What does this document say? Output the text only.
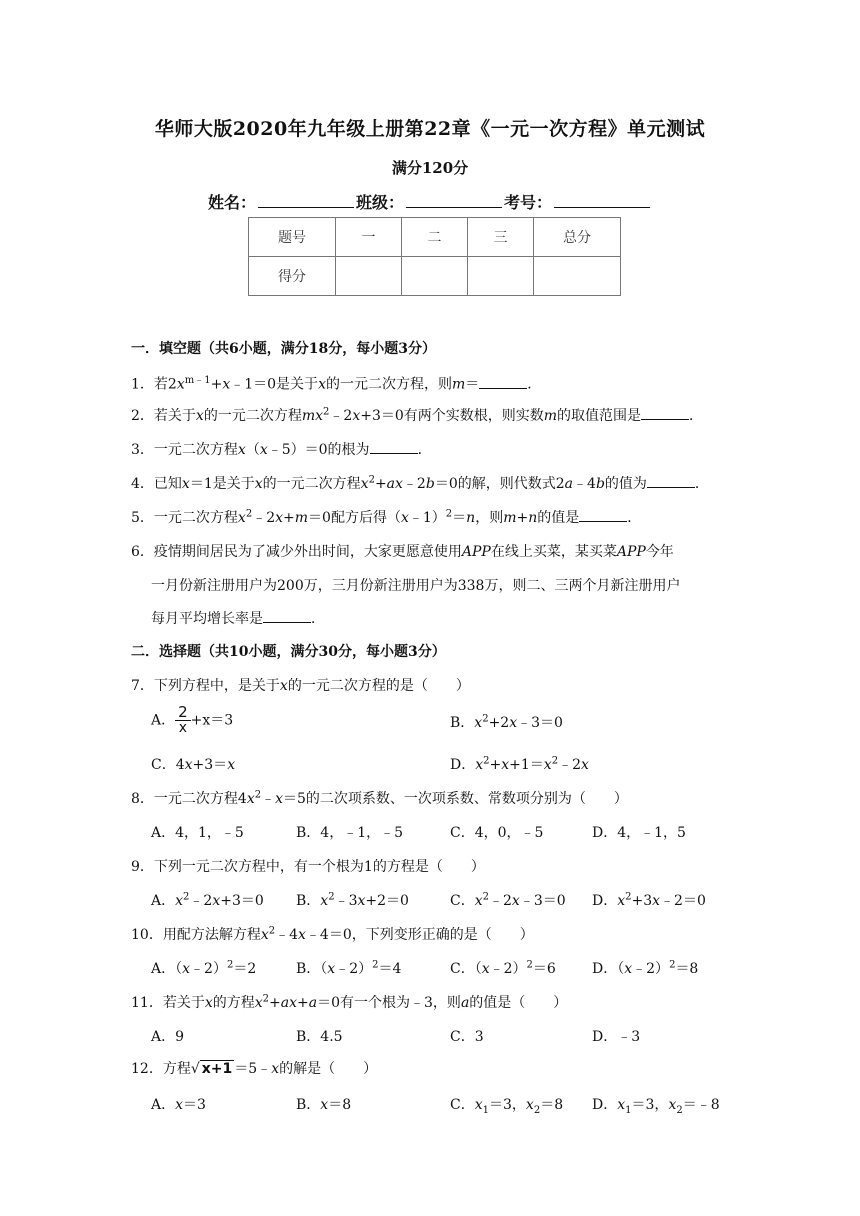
华师大版2020年九年级上册第22章《一元一次方程》单元测试
满分120分
姓名：	班级：	考号：
题号	一	二	三	总分
得分				
一．填空题（共6小题，满分18分，每小题3分）
1．若$2x^{m﹣1}+x﹣1=0$是关于x的一元二次方程，则m＝	．
2．若关于x的一元二次方程$mx^2﹣2x+3=0$有两个实数根，则实数m的取值范围是	．
3．一元二次方程x（x﹣5）＝0的根为	．
4．已知x＝1是关于x的一元二次方程$x^2+ax﹣2b=0$的解，则代数式2a﹣4b的值为	．
5．一元二次方程$x^2﹣2x+m=0$配方后得（x﹣1）$^2$＝n，则m+n的值是	．
6．疫情期间居民为了减少外出时间，大家更愿意使用APP在线上买菜，某买菜APP今年
一月份新注册用户为200万，三月份新注册用户为338万，则二、三两个月新注册用户
每月平均增长率是	．
二．选择题（共10小题，满分30分，每小题3分）
7．下列方程中，是关于x的一元二次方程的是（　　）
A． $\frac{2}{x} +x=3$	B．$x^2+2x﹣3=0$
C．4x+3＝x	D．$x^2+x+1=x^2﹣2x$
8．一元二次方程$4x^2﹣x=5$的二次项系数、一次项系数、常数项分别为（　　）
A．4，1，﹣5	B．4，﹣1，﹣5	C．4，0，﹣5	D．4，﹣1，5
9．下列一元二次方程中，有一个根为1的方程是（　　）
A．$x^2﹣2x+3=0$ B．$x^2﹣3x+2=0$	C．$x^2﹣2x﹣3=0$ D．$x^2+3x﹣2=0$
10．用配方法解方程$x^2﹣4x﹣4=0$，下列变形正确的是（　　）
A．（x﹣2）$^2$＝2	B．（x﹣2）$^2$＝4	C．（x﹣2）$^2$＝6	D．（x﹣2）$^2$＝8
11．若关于x的方程$x^2+ax+a=0$有一个根为﹣3，则a的值是（　　）
A．9	B．4.5	C．3	D．﹣3
12．方程√ x+1 ＝5﹣x的解是（　　）
A．x＝3	B．x＝8	C．$x_1=3$，$x_2=8$ D．$x_1=3$，$x_2=﹣8$
